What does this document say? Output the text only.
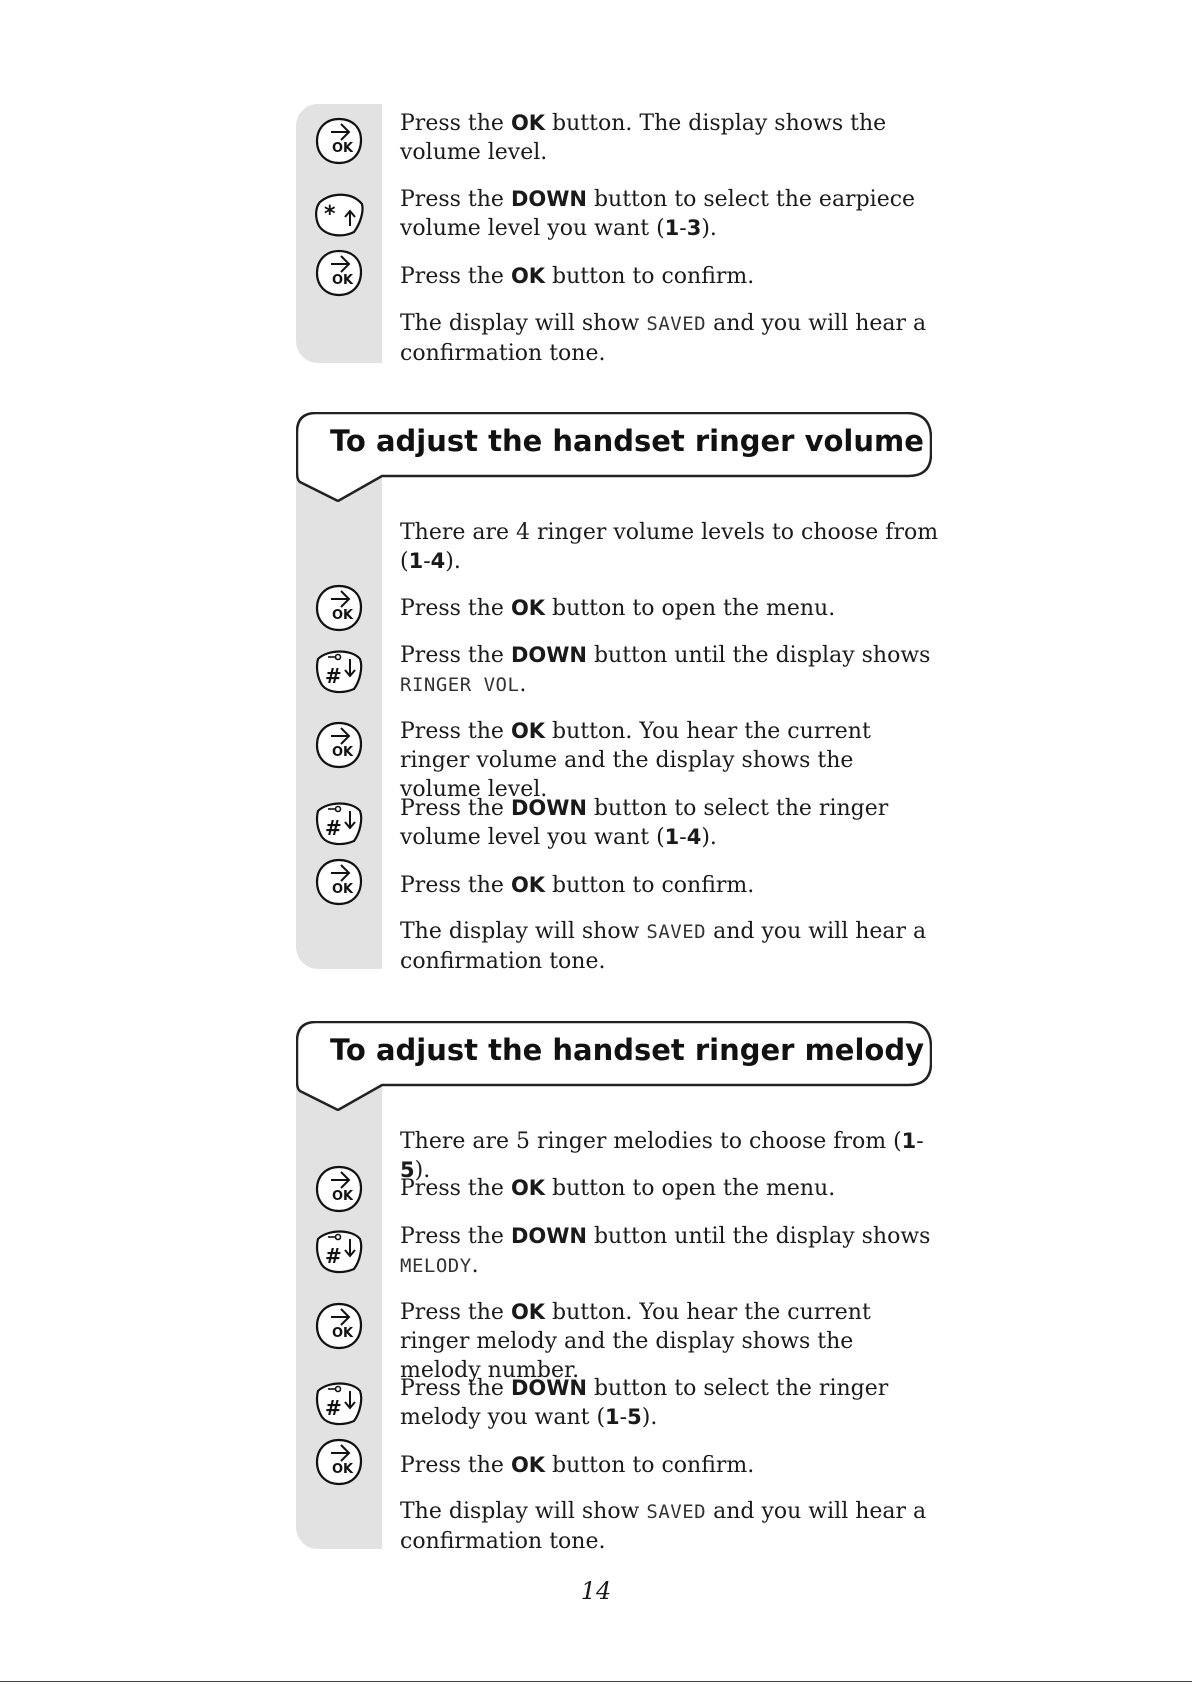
OK

Press the OK button. The display shows the volume level.

*

Press the DOWN button to select the earpiece volume level you want (1-3).

OK Press the OK button to confirm.

The display will show SAVED and you will hear a confirmation tone.

To adjust the handset ringer volume

There are 4 ringer volume levels to choose from (1-4).

OK Press the OK button to open the menu.

#

Press the DOWN button until the display shows RINGER VOL.

OK

Press the OK button. You hear the current ringer volume and the display shows the volume level.

#

Press the DOWN button to select the ringer volume level you want (1-4).

OK Press the OK button to confirm.

The display will show SAVED and you will hear a confirmation tone.

To adjust the handset ringer melody

There are 5 ringer melodies to choose from (1-5).

OK Press the OK button to open the menu.

#

Press the DOWN button until the display shows MELODY.

OK

Press the OK button. You hear the current ringer melody and the display shows the melody number.

#

Press the DOWN button to select the ringer melody you want (1-5).

OK Press the OK button to confirm.

The display will show SAVED and you will hear a confirmation tone.

14
